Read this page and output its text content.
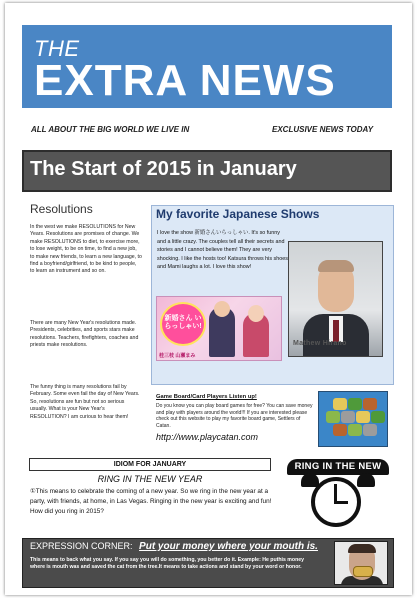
THE
EXTRA NEWS
ALL ABOUT THE BIG WORLD WE LIVE IN	EXCLUSIVE NEWS TODAY
The Start of 2015 in January
Resolutions
In the west we make RESOLUTIONS for New Years. Resolutions are promises of change. We make RESOLUTIONS to diet, to exercise more, to lose weight, to be on time, to find a new job, to make new friends, to learn a new language, to find a boyfriend/girlfriend, to be kind to people, to learn an instrument and so on.
There are many New Year's resolutions made. Presidents, celebrities, and sports stars make resolutions. Teachers, firefighters, coaches and priests make resolutions.
The funny thing is many resolutions fail by February. Some even fail the day of New Years. So, resolutions are fun but not so serious usually. What is your New Year's RESOLUTION? I am curious to hear them!
My favorite Japanese Shows
I love the show 新婚さんいらっしゃい. It's so funny and a little crazy. The couples tell all their secrets and stories and I cannot believe them! They are very shocking. I like the hosts too! Katsura throws his shoes and Mami laughs a lot. I love this show!
新婚さん いらっしゃい!
桂三枝 山瀬まみ
Mathew Hirano
Game Board/Card Players Listen up!
Do you know you can play board games for free? You can save money and play with players around the world!!! If you are interested please check out this website to play my favorite board game, Settlers of Catan.
http://www.playcatan.com
IDIOM FOR JANUARY
RING IN THE NEW YEAR
①This means to celebrate the coming of a new year. So we ring in the new year at a party, with friends, at home, in Las Vegas. Ringing in the new year is exciting and fun! How did you ring in 2015?
RING IN THE NEW
EXPRESSION CORNER: Put your money where your mouth is.
This means to back what you say. If you say you will do something, you better do it. Example: He puthis money where is mouth was and saved the cat from the tree.It means to take actions and stand by your word or honor.
